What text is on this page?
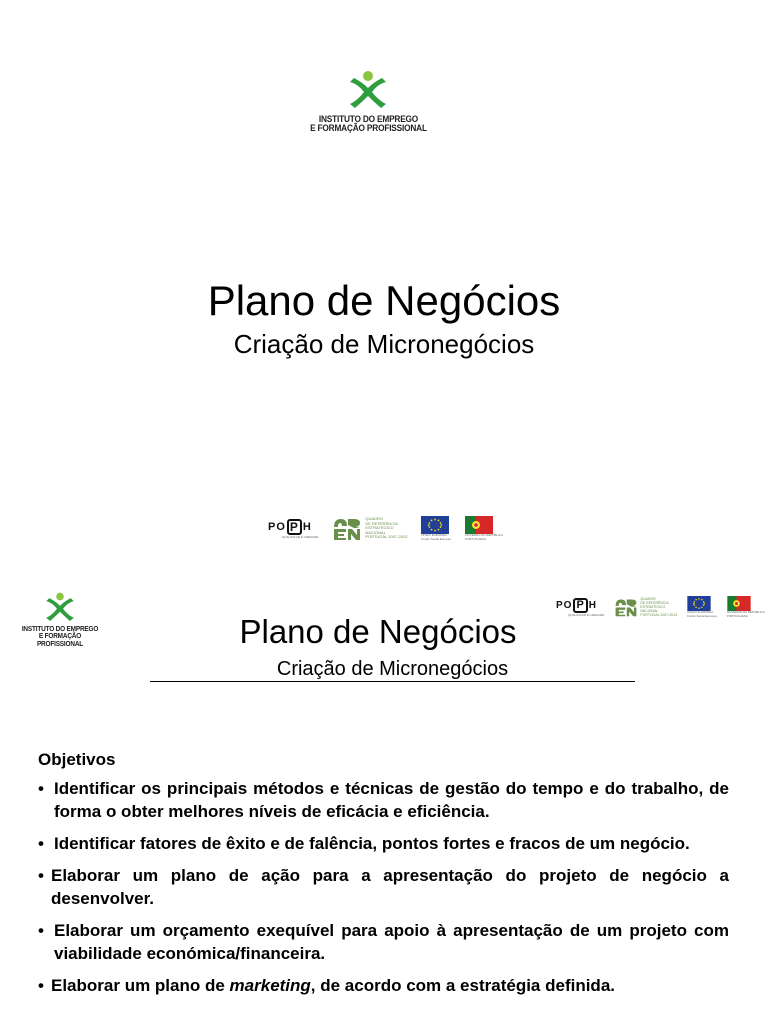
INSTITUTO DO EMPREGO
E FORMAÇÃO PROFISSIONAL
Plano de Negócios
Criação de Micronegócios
PO P H
QUALIFICAR É CRESCER
QUADRO
DE REFERÊNCIA
ESTRATÉGICO
NACIONAL
PORTUGAL 2007-2013	UNIÃO EUROPEIA
Fundo Social Europeu
GOVERNO DA REPÚBLICA
PORTUGUESA
INSTITUTO DO EMPREGO
E FORMAÇÃO PROFISSIONAL
PO P H
QUALIFICAR É CRESCER
QUADRO
DE REFERÊNCIA
ESTRATÉGICO
NACIONAL
PORTUGAL 2007-2013
UNIÃO EUROPEIA
Fundo Social Europeu
GOVERNO DA REPÚBLICA
PORTUGUESA
Plano de Negócios
Criação de Micronegócios
Objetivos
• Identificar os principais métodos e técnicas de gestão do tempo e do trabalho, de forma o obter melhores níveis de eficácia e eficiência.
• Identificar fatores de êxito e de falência, pontos fortes e fracos de um negócio.
• Elaborar um plano de ação para a apresentação do projeto de negócio a desenvolver.
• Elaborar um orçamento exequível para apoio à apresentação de um projeto com viabilidade económica/financeira.
• Elaborar um plano de marketing, de acordo com a estratégia definida.
